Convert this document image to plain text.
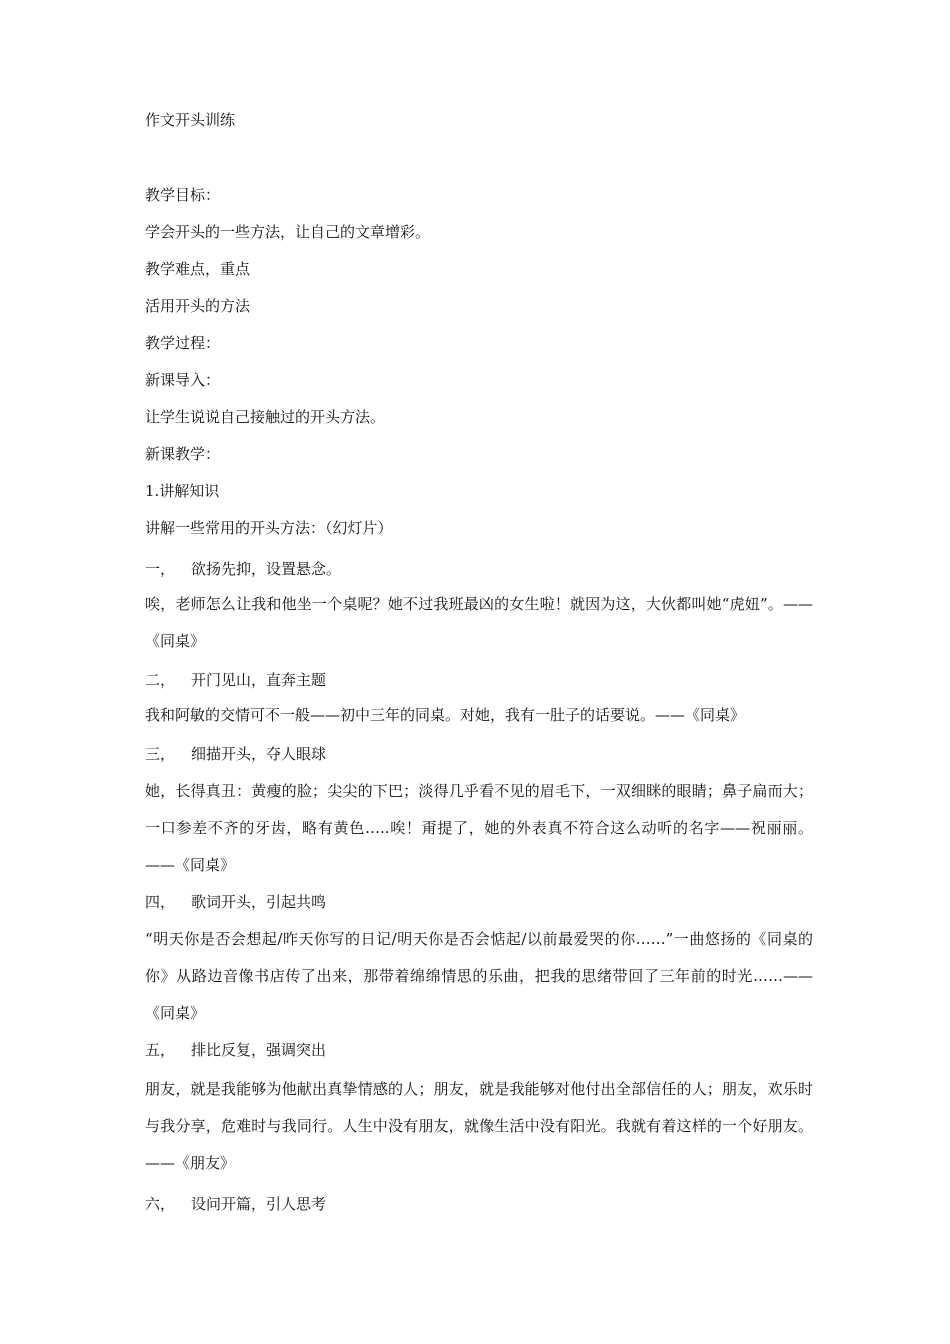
作文开头训练
教学目标：
学会开头的一些方法，让自己的文章增彩。
教学难点，重点
活用开头的方法
教学过程：
新课导入：
让学生说说自己接触过的开头方法。
新课教学：
1.讲解知识
讲解一些常用的开头方法：（幻灯片）
一， 欲扬先抑，设置悬念。
唉，老师怎么让我和他坐一个桌呢？她不过我班最凶的女生啦！就因为这，大伙都叫她“虎妞”。——《同桌》
二， 开门见山，直奔主题
我和阿敏的交情可不一般——初中三年的同桌。对她，我有一肚子的话要说。——《同桌》
三， 细描开头，夺人眼球
她，长得真丑：黄瘦的脸；尖尖的下巴；淡得几乎看不见的眉毛下，一双细眯的眼睛；鼻子扁而大；一口参差不齐的牙齿，略有黄色…..唉！甭提了，她的外表真不符合这么动听的名字——祝丽丽。——《同桌》
四， 歌词开头，引起共鸣
“明天你是否会想起/昨天你写的日记/明天你是否会惦起/以前最爱哭的你……”一曲悠扬的《同桌的你》从路边音像书店传了出来，那带着绵绵情思的乐曲，把我的思绪带回了三年前的时光……——《同桌》
五， 排比反复，强调突出
朋友，就是我能够为他献出真挚情感的人；朋友，就是我能够对他付出全部信任的人；朋友，欢乐时与我分享，危难时与我同行。人生中没有朋友，就像生活中没有阳光。我就有着这样的一个好朋友。——《朋友》
六， 设问开篇，引人思考
